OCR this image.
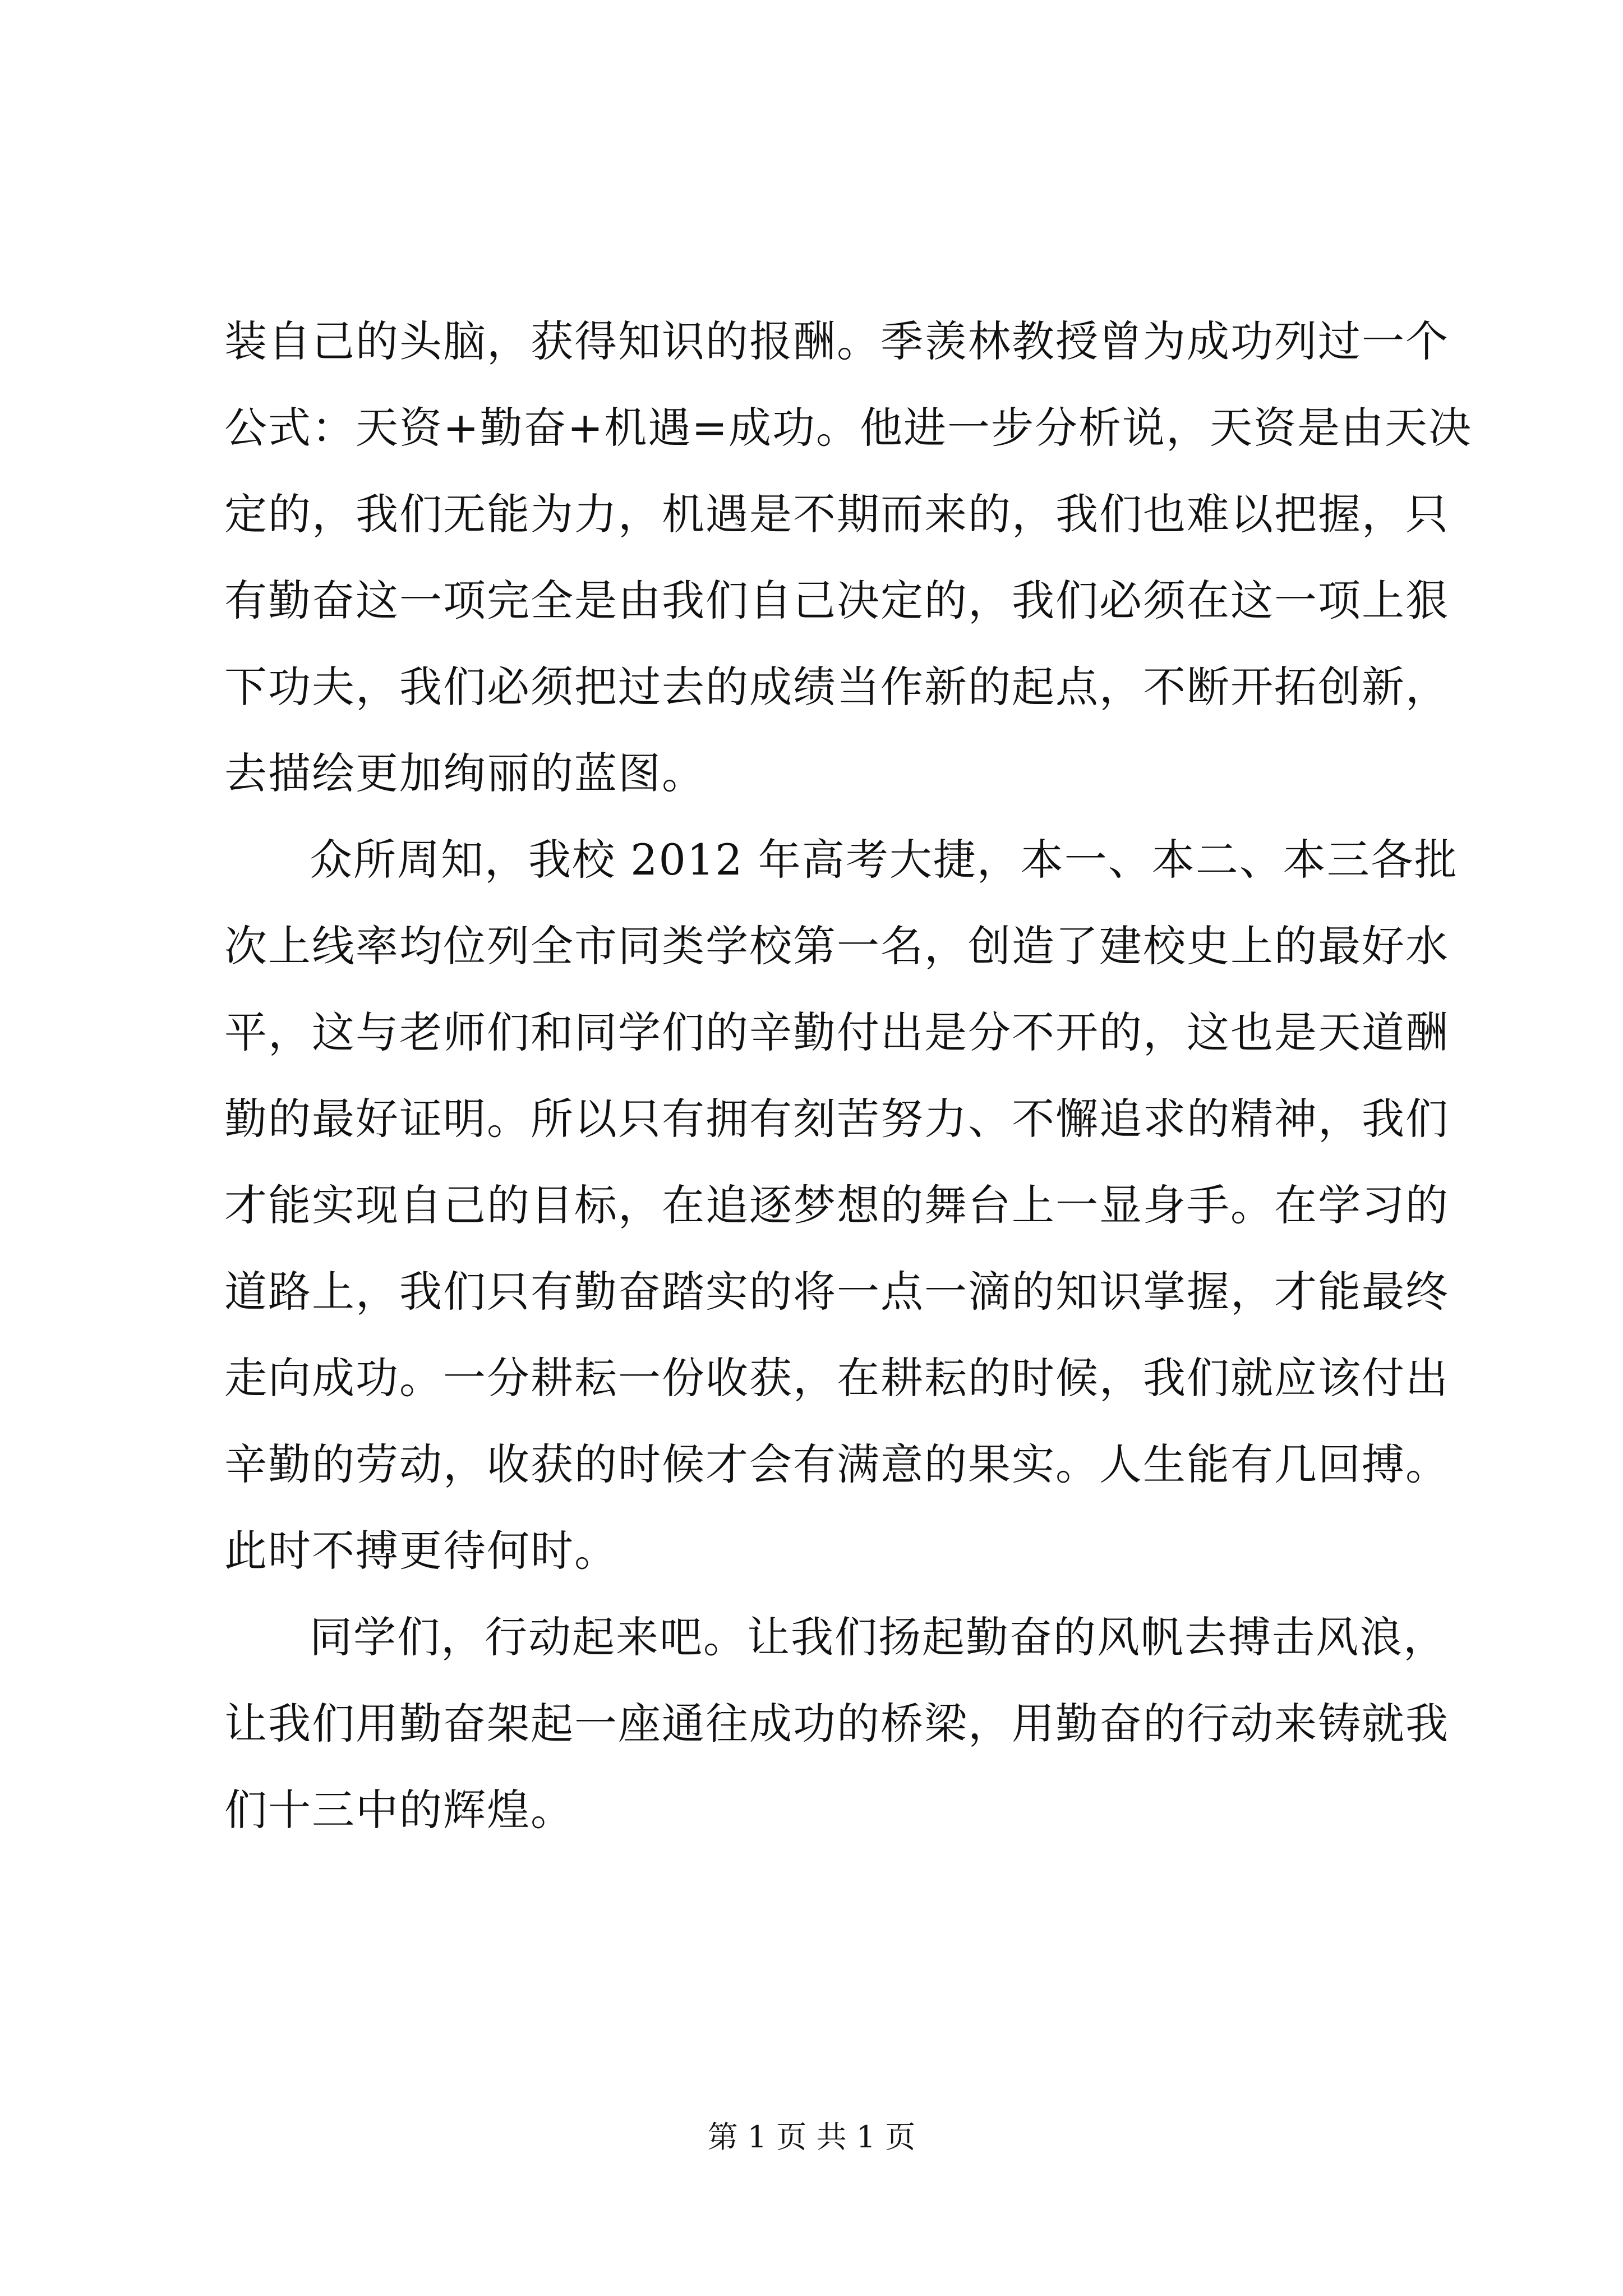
装自己的头脑，获得知识的报酬。季羡林教授曾为成功列过一个
公式：天资+勤奋+机遇=成功。他进一步分析说，天资是由天决
定的，我们无能为力，机遇是不期而来的，我们也难以把握，只
有勤奋这一项完全是由我们自己决定的，我们必须在这一项上狠
下功夫，我们必须把过去的成绩当作新的起点，不断开拓创新，
去描绘更加绚丽的蓝图。
众所周知，我校 2012 年高考大捷，本一、本二、本三各批
次上线率均位列全市同类学校第一名，创造了建校史上的最好水
平，这与老师们和同学们的辛勤付出是分不开的，这也是天道酬
勤的最好证明。所以只有拥有刻苦努力、不懈追求的精神，我们
才能实现自己的目标，在追逐梦想的舞台上一显身手。在学习的
道路上，我们只有勤奋踏实的将一点一滴的知识掌握，才能最终
走向成功。一分耕耘一份收获，在耕耘的时候，我们就应该付出
辛勤的劳动，收获的时候才会有满意的果实。人生能有几回搏。
此时不搏更待何时。
同学们，行动起来吧。让我们扬起勤奋的风帆去搏击风浪，
让我们用勤奋架起一座通往成功的桥梁，用勤奋的行动来铸就我
们十三中的辉煌。
第 1 页 共 1 页
